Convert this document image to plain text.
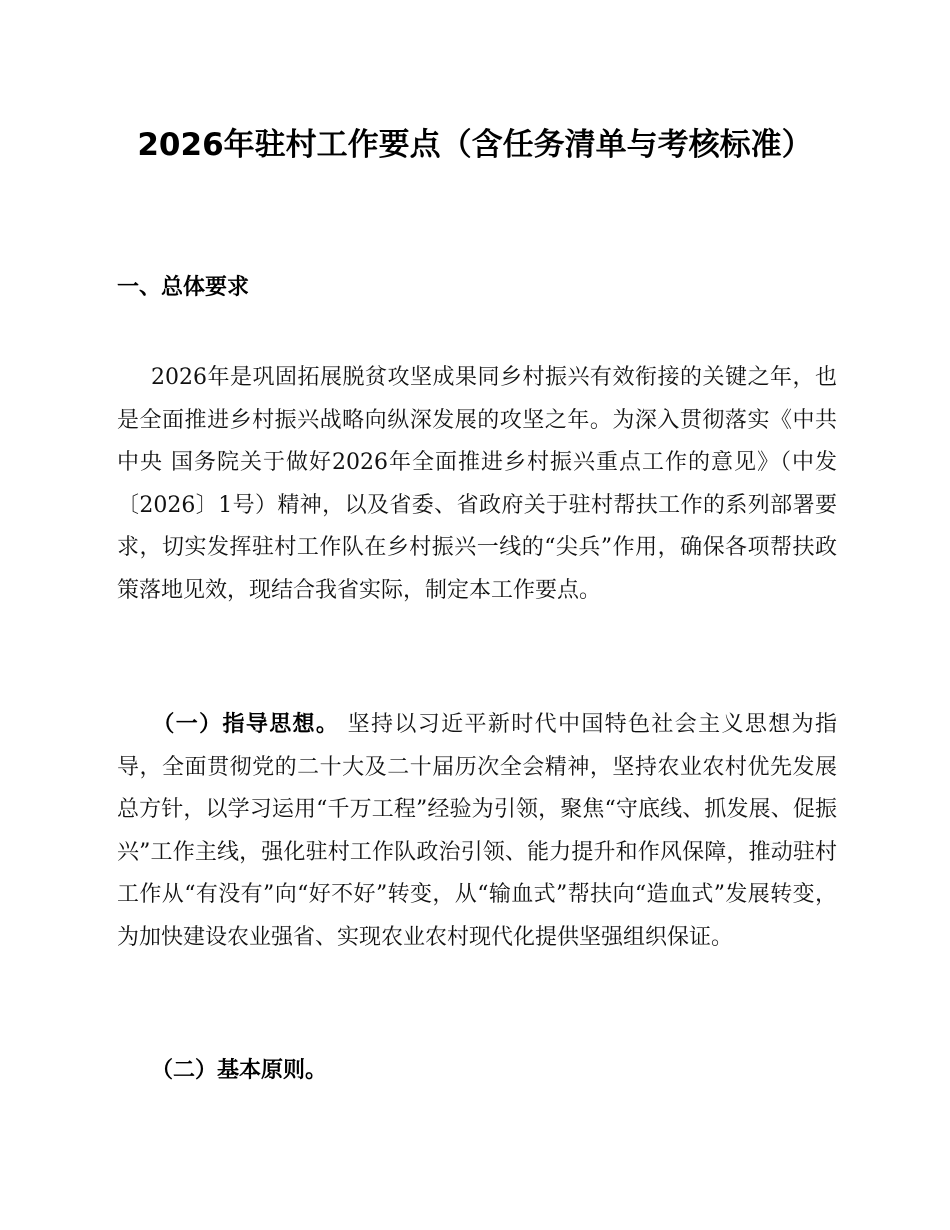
2026年驻村工作要点（含任务清单与考核标准）
一、总体要求
2026年是巩固拓展脱贫攻坚成果同乡村振兴有效衔接的关键之年，也是全面推进乡村振兴战略向纵深发展的攻坚之年。为深入贯彻落实《中共中央 国务院关于做好2026年全面推进乡村振兴重点工作的意见》（中发〔2026〕1号）精神，以及省委、省政府关于驻村帮扶工作的系列部署要求，切实发挥驻村工作队在乡村振兴一线的“尖兵”作用，确保各项帮扶政策落地见效，现结合我省实际，制定本工作要点。
（一）指导思想。 坚持以习近平新时代中国特色社会主义思想为指导，全面贯彻党的二十大及二十届历次全会精神，坚持农业农村优先发展总方针，以学习运用“千万工程”经验为引领，聚焦“守底线、抓发展、促振兴”工作主线，强化驻村工作队政治引领、能力提升和作风保障，推动驻村工作从“有没有”向“好不好”转变，从“输血式”帮扶向“造血式”发展转变，为加快建设农业强省、实现农业农村现代化提供坚强组织保证。
（二）基本原则。
